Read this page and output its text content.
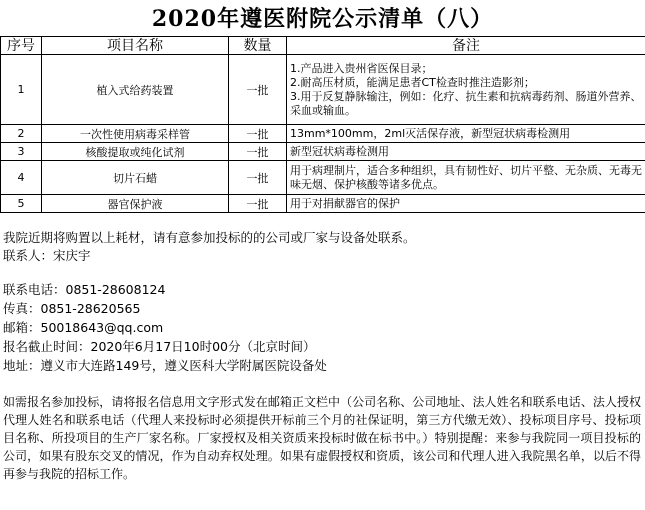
2020年遵医附院公示清单（八）
序号	项目名称	数量	备注
1	植入式给药装置	一批	1.产品进入贵州省医保目录；
2.耐高压材质，能满足患者CT检查时推注造影剂；
3.用于反复静脉输注，例如：化疗、抗生素和抗病毒药剂、肠道外营养、采血或输血。

2	一次性使用病毒采样管	一批	13mm*100mm，2ml灭活保存液，新型冠状病毒检测用
3	核酸提取或纯化试剂	一批	新型冠状病毒检测用
4	切片石蜡	一批	用于病理制片，适合多种组织，具有韧性好、切片平整、无杂质、无毒无味无烟、保护核酸等诸多优点。
5	器官保护液	一批	用于对捐献器官的保护
我院近期将购置以上耗材，请有意参加投标的的公司或厂家与设备处联系。
联系人：宋庆宇
联系电话：0851-28608124
传真：0851-28620565
邮箱：50018643@qq.com
报名截止时间：2020年6月17日10时00分（北京时间）
地址：遵义市大连路149号，遵义医科大学附属医院设备处
如需报名参加投标，请将报名信息用文字形式发在邮箱正文栏中（公司名称、公司地址、法人姓名和联系电话、法人授权代理人姓名和联系电话（代理人来投标时必须提供开标前三个月的社保证明，第三方代缴无效）、投标项目序号、投标项目名称、所投项目的生产厂家名称。厂家授权及相关资质来投标时做在标书中。）特别提醒：来参与我院同一项目投标的公司，如果有股东交叉的情况，作为自动弃权处理。如果有虚假授权和资质，该公司和代理人进入我院黑名单，以后不得再参与我院的招标工作。
